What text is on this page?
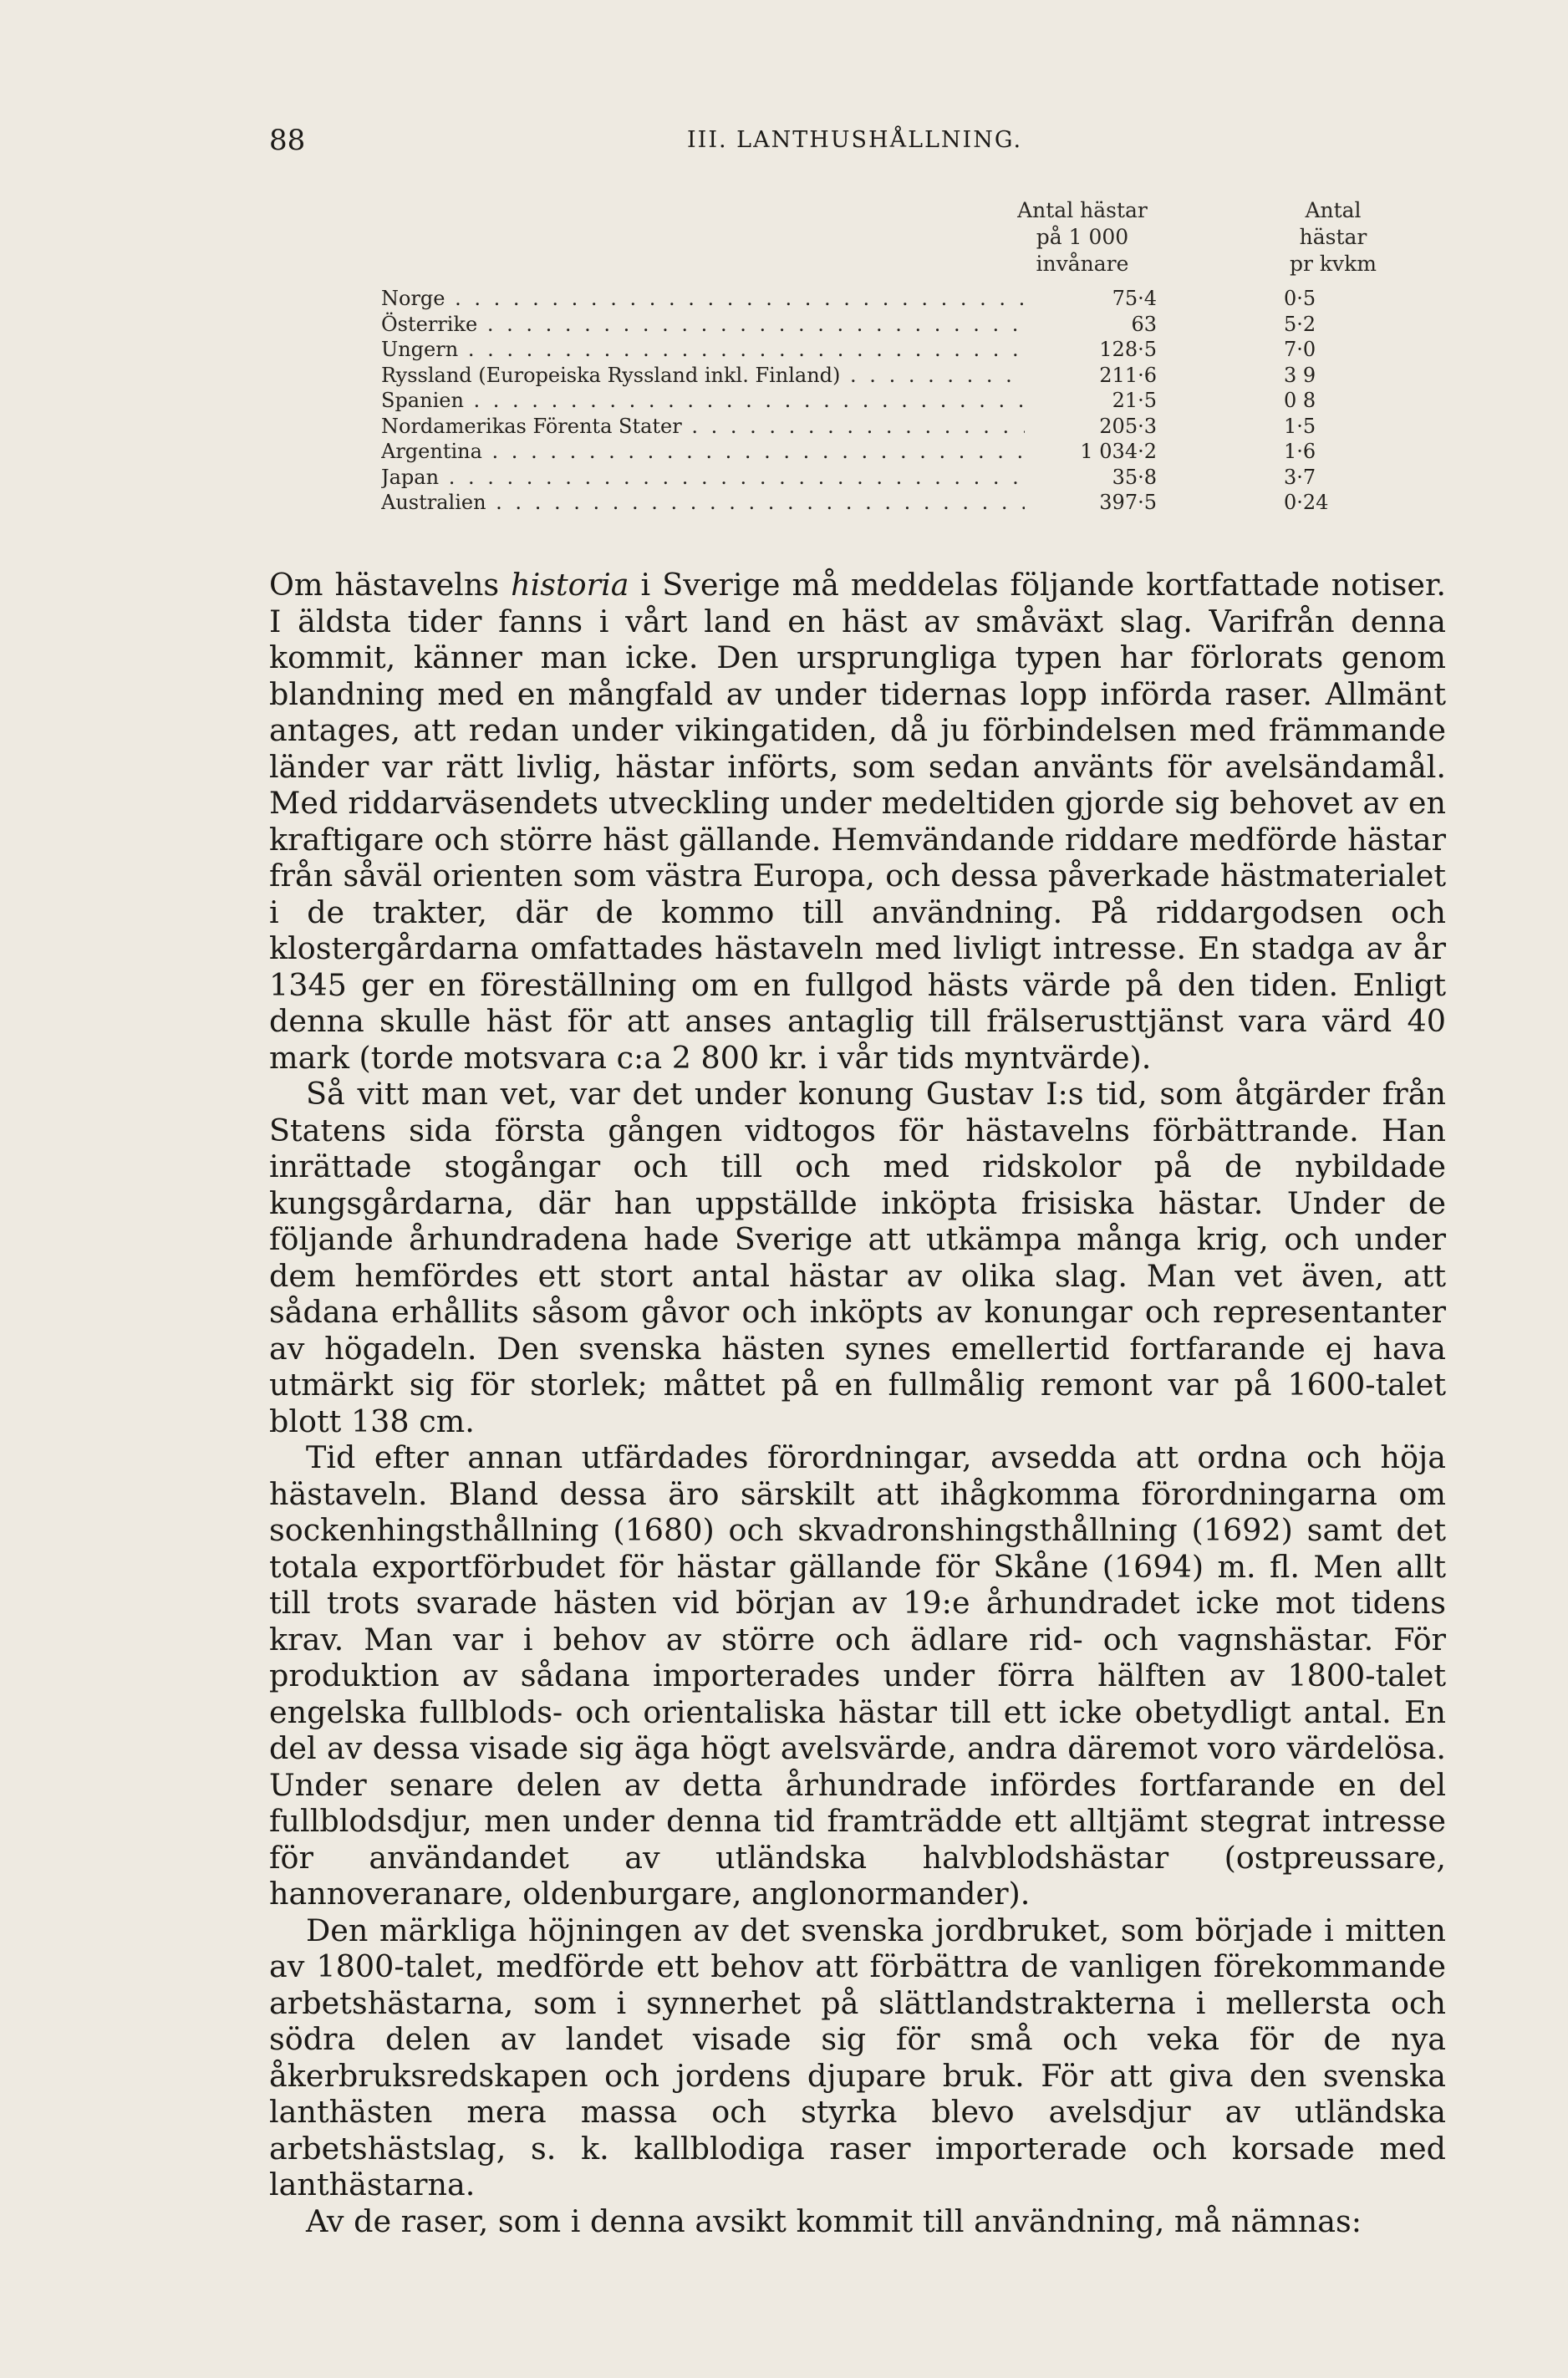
88	III. LANTHUSHÅLLNING.
Antal hästar
på 1 000
invånare
Antal
hästar
pr kvkm
Norge . . .	75·4	0·5
Österrike . . .	63	5·2
Ungern . . .	128·5	7·0
Ryssland (Europeiska Ryssland inkl. Finland) . . .	211·6	3 9
Spanien . . .	21·5	0 8
Nordamerikas Förenta Stater . . .	205·3	1·5
Argentina . . .	1 034·2	1·6
Japan . . .	35·8	3·7
Australien . . .	397·5	0·24

Om hästavelns historia i Sverige må meddelas följande kortfattade notiser. I äldsta tider fanns i vårt land en häst av småväxt slag. Varifrån denna kommit, känner man icke. Den ursprungliga typen har förlorats genom blandning med en mångfald av under tidernas lopp införda raser. Allmänt antages, att redan under vikingatiden, då ju förbindelsen med främmande länder var rätt livlig, hästar införts, som sedan använts för avelsändamål. Med riddarväsendets utveckling under medeltiden gjorde sig behovet av en kraftigare och större häst gällande. Hemvändande riddare medförde hästar från såväl orienten som västra Europa, och dessa påverkade hästmaterialet i de trakter, där de kommo till användning. På riddargodsen och klostergårdarna omfattades hästaveln med livligt intresse. En stadga av år 1345 ger en föreställning om en fullgod hästs värde på den tiden. Enligt denna skulle häst för att anses antaglig till frälserusttjänst vara värd 40 mark (torde motsvara c:a 2 800 kr. i vår tids myntvärde).

Så vitt man vet, var det under konung Gustav I:s tid, som åtgärder från Statens sida första gången vidtogos för hästavelns förbättrande. Han inrättade stogångar och till och med ridskolor på de nybildade kungsgårdarna, där han uppställde inköpta frisiska hästar. Under de följande århundradena hade Sverige att utkämpa många krig, och under dem hemfördes ett stort antal hästar av olika slag. Man vet även, att sådana erhållits såsom gåvor och inköpts av konungar och representanter av högadeln. Den svenska hästen synes emellertid fortfarande ej hava utmärkt sig för storlek; måttet på en fullmålig remont var på 1600-talet blott 138 cm.

Tid efter annan utfärdades förordningar, avsedda att ordna och höja hästaveln. Bland dessa äro särskilt att ihågkomma förordningarna om sockenhingsthållning (1680) och skvadronshingsthållning (1692) samt det totala exportförbudet för hästar gällande för Skåne (1694) m. fl. Men allt till trots svarade hästen vid början av 19:e århundradet icke mot tidens krav. Man var i behov av större och ädlare rid- och vagnshästar. För produktion av sådana importerades under förra hälften av 1800-talet engelska fullblods- och orientaliska hästar till ett icke obetydligt antal. En del av dessa visade sig äga högt avelsvärde, andra däremot voro värdelösa. Under senare delen av detta århundrade infördes fortfarande en del fullblodsdjur, men under denna tid framträdde ett alltjämt stegrat intresse för användandet av utländska halvblodshästar (ostpreussare, hannoveranare, oldenburgare, anglonormander).

Den märkliga höjningen av det svenska jordbruket, som började i mitten av 1800-talet, medförde ett behov att förbättra de vanligen förekommande arbetshästarna, som i synnerhet på slättlandstrakterna i mellersta och södra delen av landet visade sig för små och veka för de nya åkerbruksredskapen och jordens djupare bruk. För att giva den svenska lanthästen mera massa och styrka blevo avelsdjur av utländska arbetshästslag, s. k. kallblodiga raser importerade och korsade med lanthästarna.

Av de raser, som i denna avsikt kommit till användning, må nämnas:
